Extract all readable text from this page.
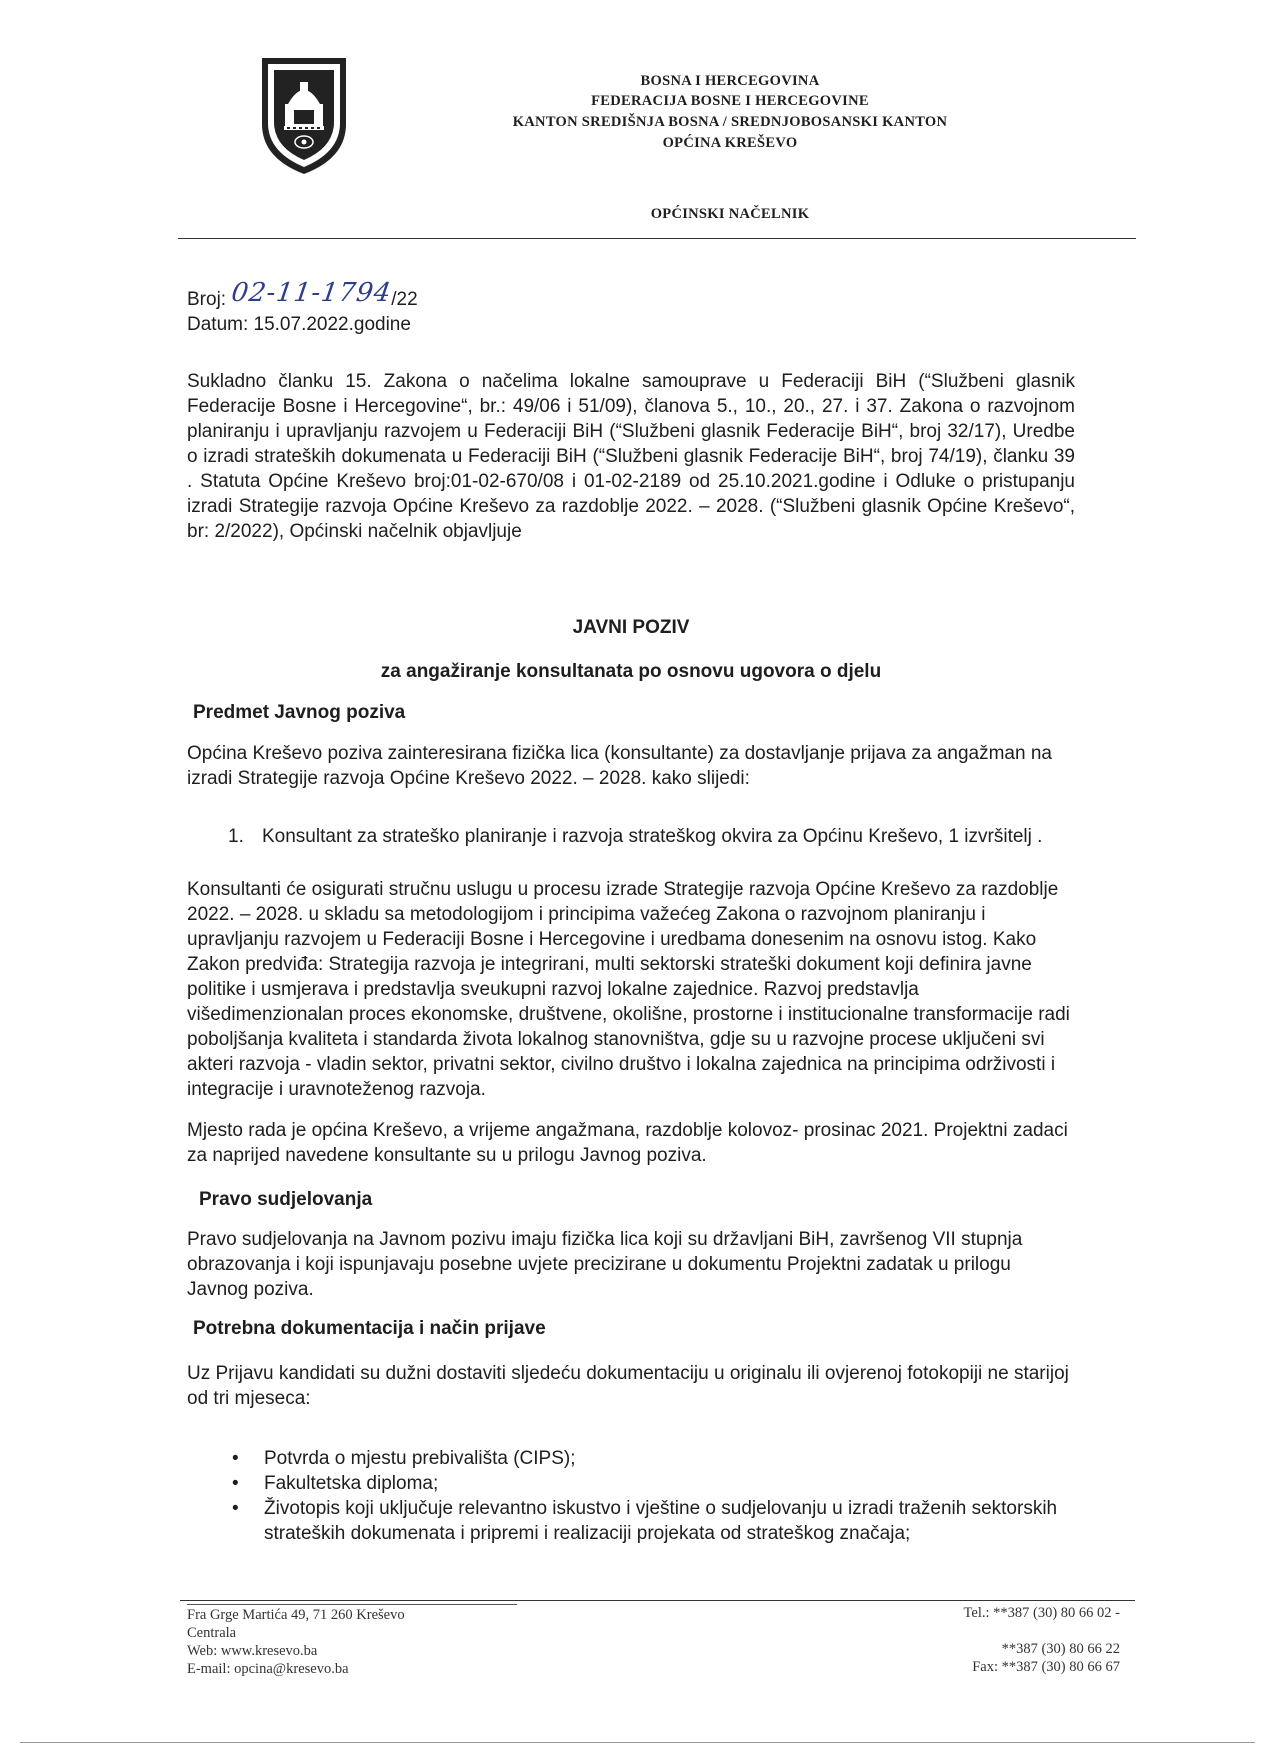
BOSNA I HERCEGOVINA
FEDERACIJA BOSNE I HERCEGOVINE
KANTON SREDIŠNJA BOSNA / SREDNJOBOSANSKI KANTON
OPĆINA KREŠEVO
OPĆINSKI NAČELNIK
Broj: 02-11-1794/22
Datum: 15.07.2022.godine
Sukladno članku 15. Zakona o načelima lokalne samouprave u Federaciji BiH (“Službeni glasnik Federacije Bosne i Hercegovine“, br.: 49/06 i 51/09), članova 5., 10., 20., 27. i 37. Zakona o razvojnom planiranju i upravljanju razvojem u Federaciji BiH (“Službeni glasnik Federacije BiH“, broj 32/17), Uredbe o izradi strateških dokumenata u Federaciji BiH (“Službeni glasnik Federacije BiH“, broj 74/19), članku 39 . Statuta Općine Kreševo broj:01-02-670/08 i 01-02-2189 od 25.10.2021.godine i Odluke o pristupanju izradi Strategije razvoja Općine Kreševo za razdoblje 2022. – 2028. (“Službeni glasnik Općine Kreševo“, br: 2/2022), Općinski načelnik objavljuje
JAVNI POZIV
za angažiranje konsultanata po osnovu ugovora o djelu
Predmet Javnog poziva
Općina Kreševo poziva zainteresirana fizička lica (konsultante) za dostavljanje prijava za angažman na izradi Strategije razvoja Općine Kreševo 2022. – 2028. kako slijedi:
1. Konsultant za strateško planiranje i razvoja strateškog okvira za Općinu Kreševo, 1 izvršitelj .
Konsultanti će osigurati stručnu uslugu u procesu izrade Strategije razvoja Općine Kreševo za razdoblje 2022. – 2028. u skladu sa metodologijom i principima važećeg Zakona o razvojnom planiranju i upravljanju razvojem u Federaciji Bosne i Hercegovine i uredbama donesenim na osnovu istog. Kako Zakon predviđa: Strategija razvoja je integrirani, multi sektorski strateški dokument koji definira javne politike i usmjerava i predstavlja sveukupni razvoj lokalne zajednice. Razvoj predstavlja višedimenzionalan proces ekonomske, društvene, okolišne, prostorne i institucionalne transformacije radi poboljšanja kvaliteta i standarda života lokalnog stanovništva, gdje su u razvojne procese uključeni svi akteri razvoja - vladin sektor, privatni sektor, civilno društvo i lokalna zajednica na principima održivosti i integracije i uravnoteženog razvoja.
Mjesto rada je općina Kreševo, a vrijeme angažmana, razdoblje kolovoz- prosinac 2021. Projektni zadaci za naprijed navedene konsultante su u prilogu Javnog poziva.
Pravo sudjelovanja
Pravo sudjelovanja na Javnom pozivu imaju fizička lica koji su državljani BiH, završenog VII stupnja obrazovanja i koji ispunjavaju posebne uvjete precizirane u dokumentu Projektni zadatak u prilogu Javnog poziva.
Potrebna dokumentacija i način prijave
Uz Prijavu kandidati su dužni dostaviti sljedeću dokumentaciju u originalu ili ovjerenoj fotokopiji ne starijoj od tri mjeseca:
• Potvrda o mjestu prebivališta (CIPS);
• Fakultetska diploma;
• Životopis koji uključuje relevantno iskustvo i vještine o sudjelovanju u izradi traženih sektorskih strateških dokumenata i pripremi i realizaciji projekata od strateškog značaja;
Fra Grge Martića 49, 71 260 Kreševo
Centrala
Web: www.kresevo.ba
E-mail: opcina@kresevo.ba
Tel.: **387 (30) 80 66 02 -
**387 (30) 80 66 22
Fax: **387 (30) 80 66 67
